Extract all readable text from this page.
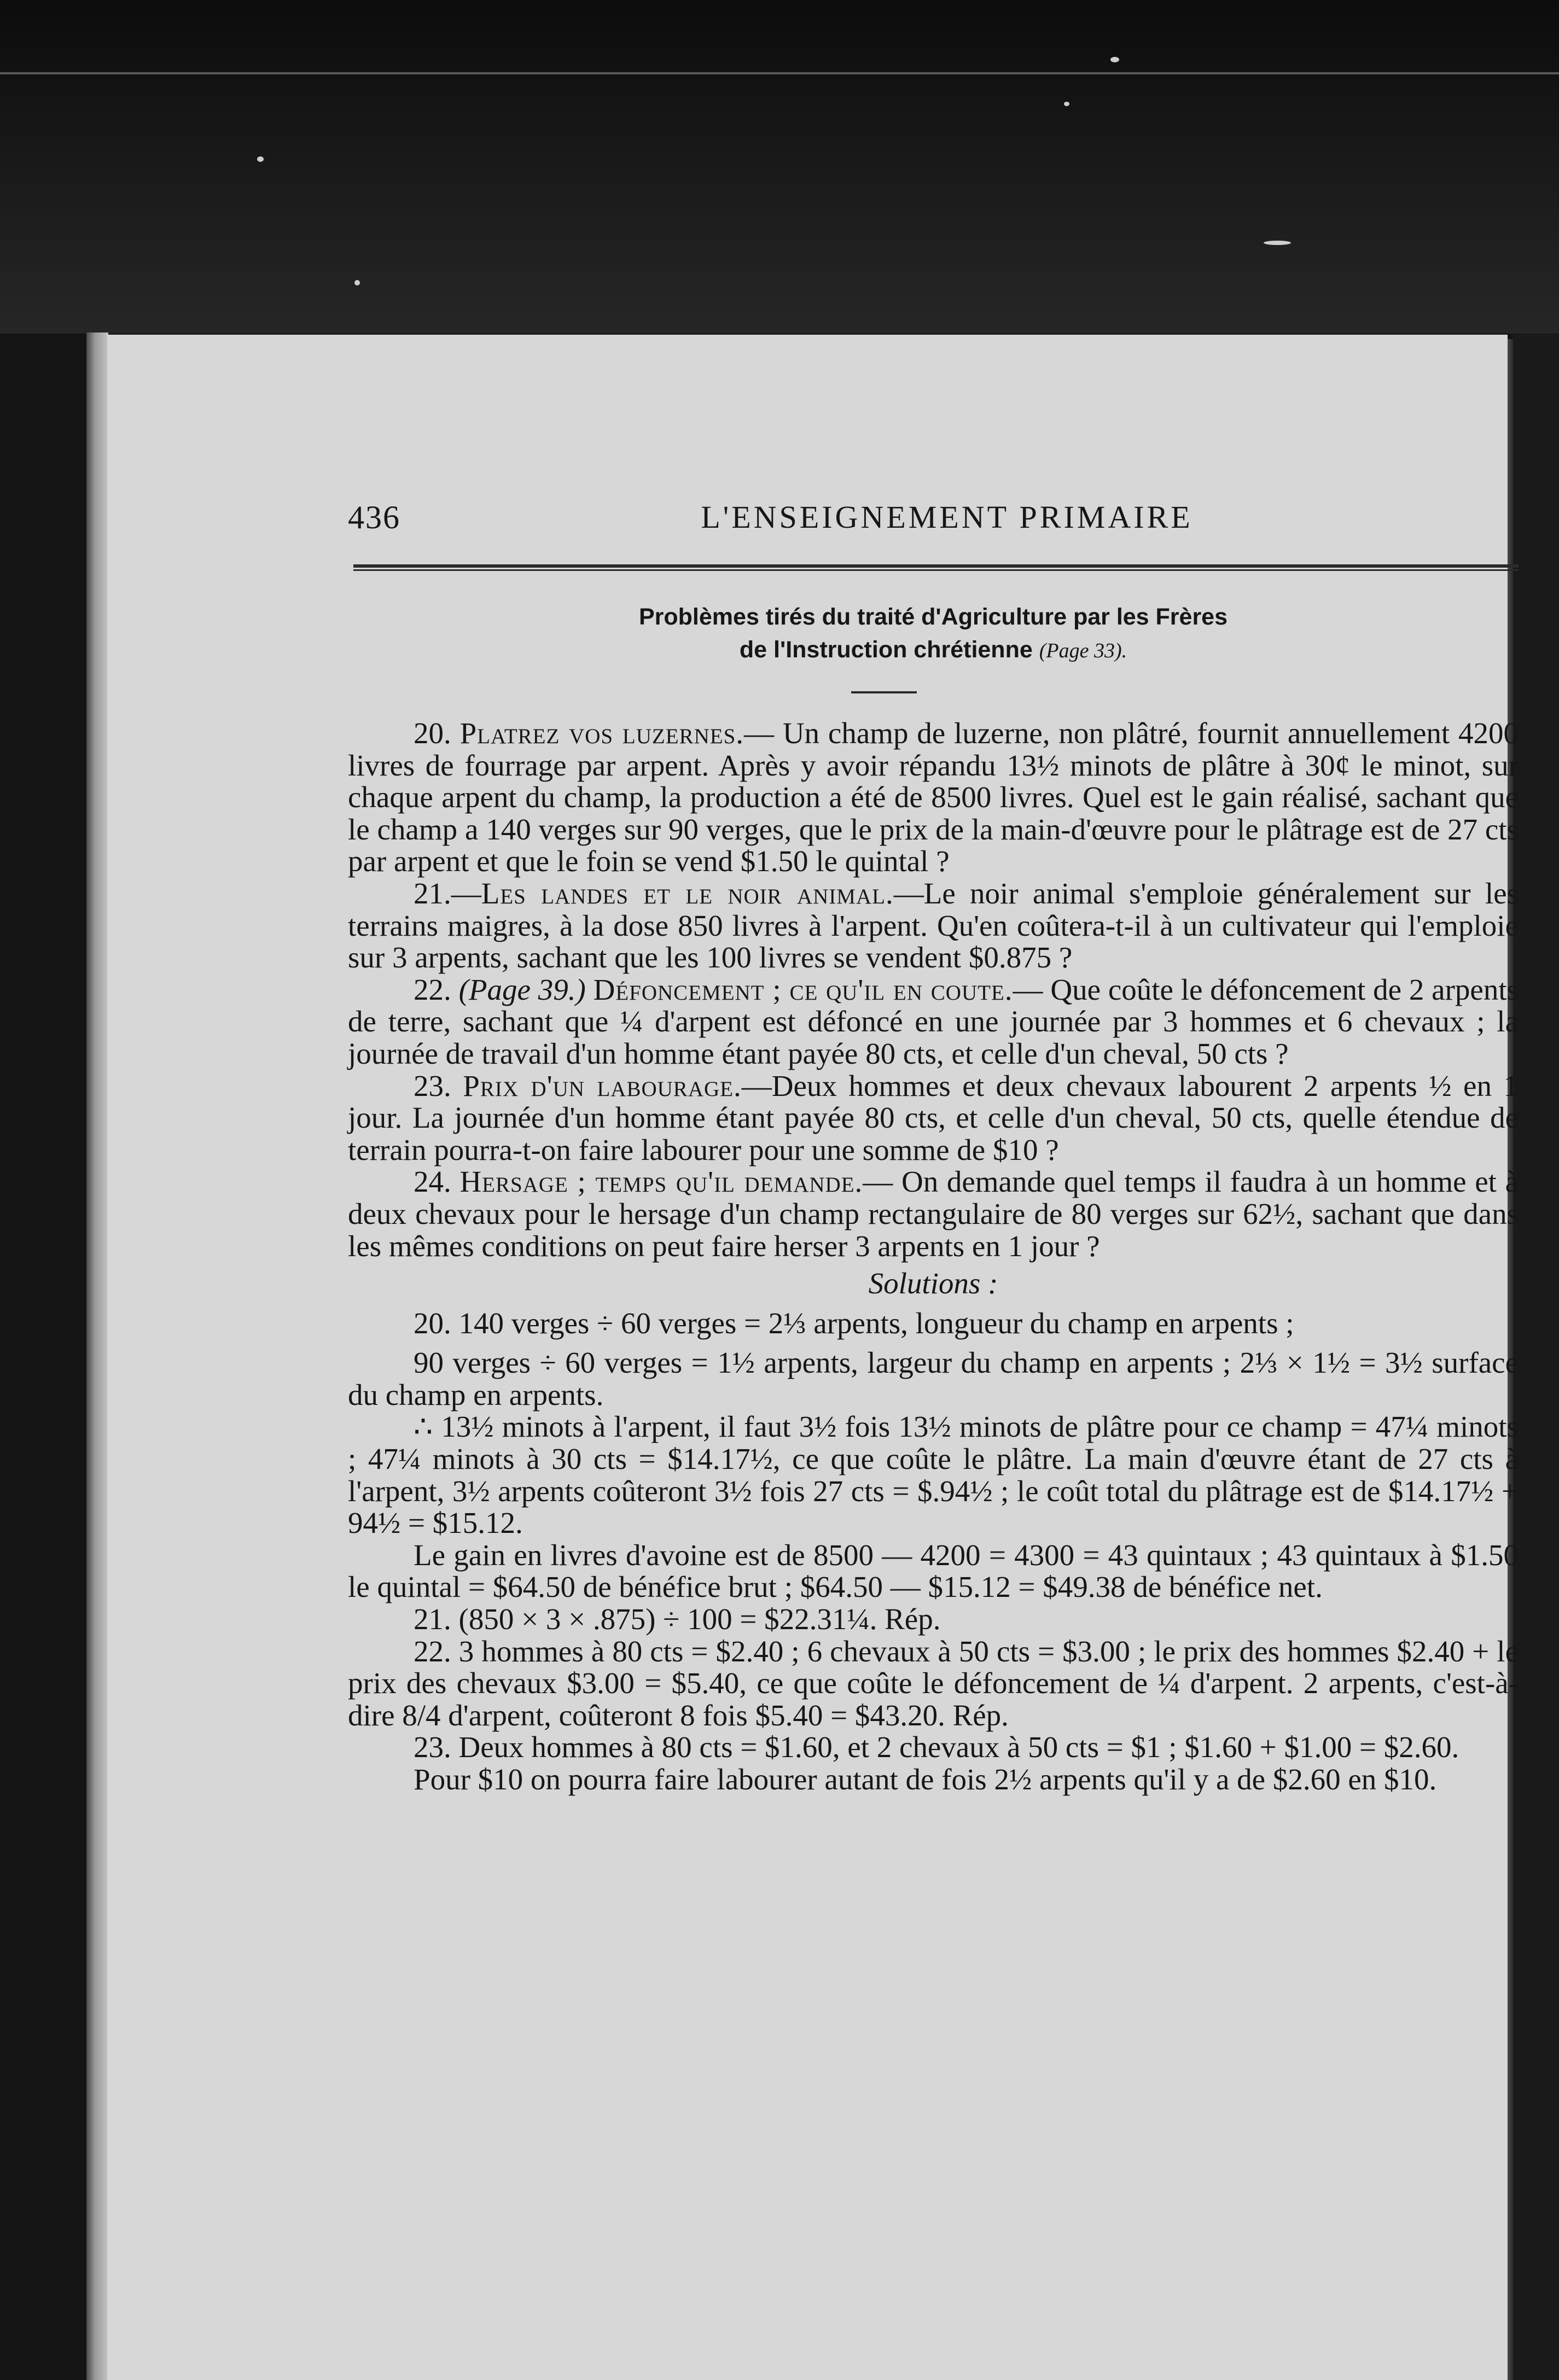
436	L'ENSEIGNEMENT PRIMAIRE
Problèmes tirés du traité d'Agriculture par les Frères
de l'Instruction chrétienne (Page 33).

20. Platrez vos luzernes.— Un champ de luzerne, non plâtré, fournit annuellement 4200 livres de fourrage par arpent. Après y avoir répandu 13½ minots de plâtre à 30¢ le minot, sur chaque arpent du champ, la production a été de 8500 livres. Quel est le gain réalisé, sachant que le champ a 140 verges sur 90 verges, que le prix de la main-d'œuvre pour le plâtrage est de 27 cts par arpent et que le foin se vend $1.50 le quintal ?

21.—Les landes et le noir animal.—Le noir animal s'emploie généralement sur les terrains maigres, à la dose 850 livres à l'arpent. Qu'en coûtera-t-il à un cultivateur qui l'emploie sur 3 arpents, sachant que les 100 livres se vendent $0.875 ?

22. (Page 39.) Défoncement ; ce qu'il en coute.— Que coûte le défoncement de 2 arpents de terre, sachant que ¼ d'arpent est défoncé en une journée par 3 hommes et 6 chevaux ; la journée de travail d'un homme étant payée 80 cts, et celle d'un cheval, 50 cts ?

23. Prix d'un labourage.—Deux hommes et deux chevaux labourent 2 arpents ½ en 1 jour. La journée d'un homme étant payée 80 cts, et celle d'un cheval, 50 cts, quelle étendue de terrain pourra-t-on faire labourer pour une somme de $10 ?

24. Hersage ; temps qu'il demande.— On demande quel temps il faudra à un homme et à deux chevaux pour le hersage d'un champ rectangulaire de 80 verges sur 62½, sachant que dans les mêmes conditions on peut faire herser 3 arpents en 1 jour ?

Solutions :

20. 140 verges ÷ 60 verges = 2⅓ arpents, longueur du champ en arpents ;

90 verges ÷ 60 verges = 1½ arpents, largeur du champ en arpents ; 2⅓ × 1½ = 3½ surface du champ en arpents.

∴ 13½ minots à l'arpent, il faut 3½ fois 13½ minots de plâtre pour ce champ = 47¼ minots ; 47¼ minots à 30 cts = $14.17½, ce que coûte le plâtre. La main d'œuvre étant de 27 cts à l'arpent, 3½ arpents coûteront 3½ fois 27 cts = $.94½ ; le coût total du plâtrage est de $14.17½ + 94½ = $15.12.

Le gain en livres d'avoine est de 8500 — 4200 = 4300 = 43 quintaux ; 43 quintaux à $1.50 le quintal = $64.50 de bénéfice brut ; $64.50 — $15.12 = $49.38 de bénéfice net.

21. (850 × 3 × .875) ÷ 100 = $22.31¼. Rép.

22. 3 hommes à 80 cts = $2.40 ; 6 chevaux à 50 cts = $3.00 ; le prix des hommes $2.40 + le prix des chevaux $3.00 = $5.40, ce que coûte le défoncement de ¼ d'arpent. 2 arpents, c'est-à-dire 8/4 d'arpent, coûteront 8 fois $5.40 = $43.20. Rép.

23. Deux hommes à 80 cts = $1.60, et 2 chevaux à 50 cts = $1 ; $1.60 + $1.00 = $2.60.

Pour $10 on pourra faire labourer autant de fois 2½ arpents qu'il y a de $2.60 en $10.
